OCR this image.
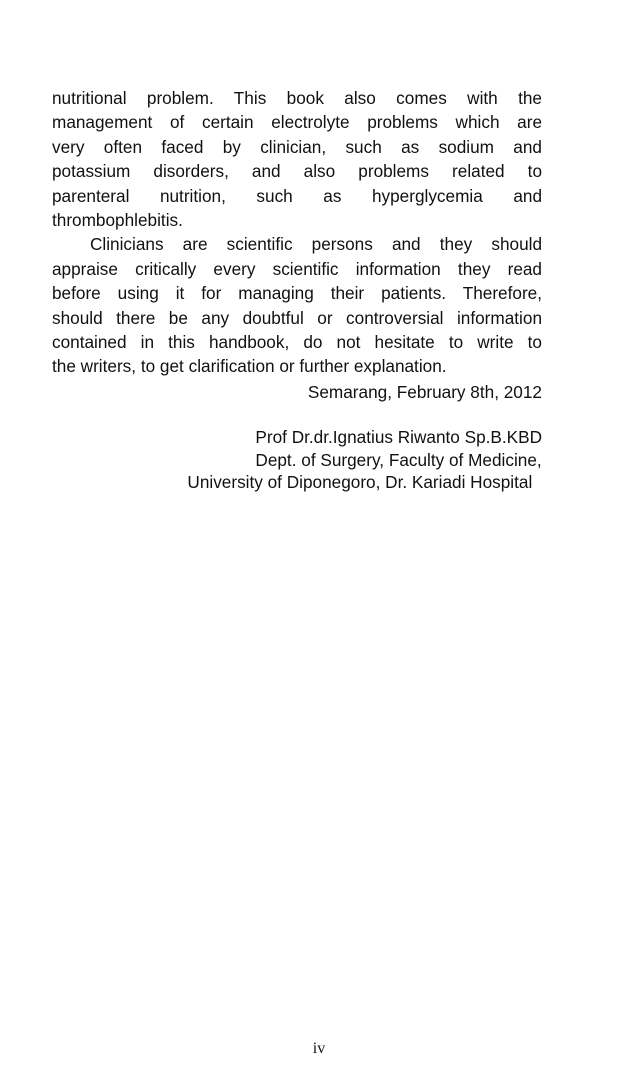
nutritional problem. This book also comes with the
management of certain electrolyte problems which are
very often faced by clinician, such as sodium and
potassium disorders, and also problems related to
parenteral nutrition, such as hyperglycemia and
thrombophlebitis.
Clinicians are scientific persons and they should
appraise critically every scientific information they read
before using it for managing their patients. Therefore,
should there be any doubtful or controversial information
contained in this handbook, do not hesitate to write to
the writers, to get clarification or further explanation.
Semarang, February 8th, 2012
Prof Dr.dr.Ignatius Riwanto Sp.B.KBD
Dept. of Surgery, Faculty of Medicine,
University of Diponegoro, Dr. Kariadi Hospital
iv
